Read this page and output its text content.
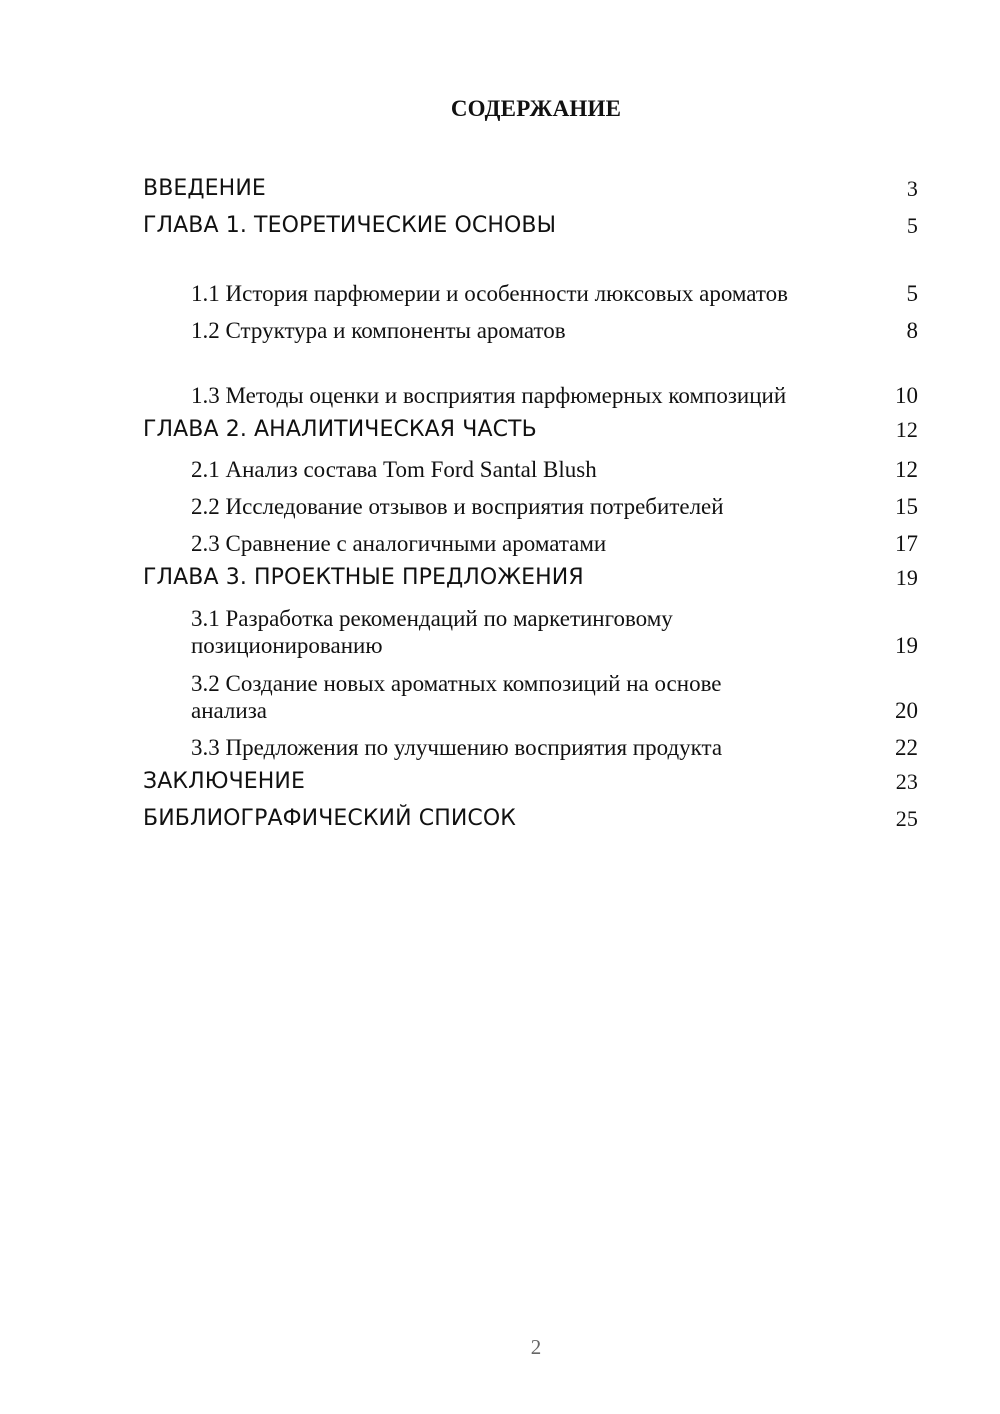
СОДЕРЖАНИЕ
ВВЕДЕНИЕ	3
ГЛАВА 1. ТЕОРЕТИЧЕСКИЕ ОСНОВЫ	5
1.1 История парфюмерии и особенности люксовых ароматов	5
1.2 Структура и компоненты ароматов	8
1.3 Методы оценки и восприятия парфюмерных композиций	10
ГЛАВА 2. АНАЛИТИЧЕСКАЯ ЧАСТЬ	12
2.1 Анализ состава Tom Ford Santal Blush	12
2.2 Исследование отзывов и восприятия потребителей	15
2.3 Сравнение с аналогичными ароматами	17
ГЛАВА 3. ПРОЕКТНЫЕ ПРЕДЛОЖЕНИЯ	19
3.1 Разработка рекомендаций по маркетинговому позиционированию	19
3.2 Создание новых ароматных композиций на основе анализа	20
3.3 Предложения по улучшению восприятия продукта	22
ЗАКЛЮЧЕНИЕ	23
БИБЛИОГРАФИЧЕСКИЙ СПИСОК	25
2
